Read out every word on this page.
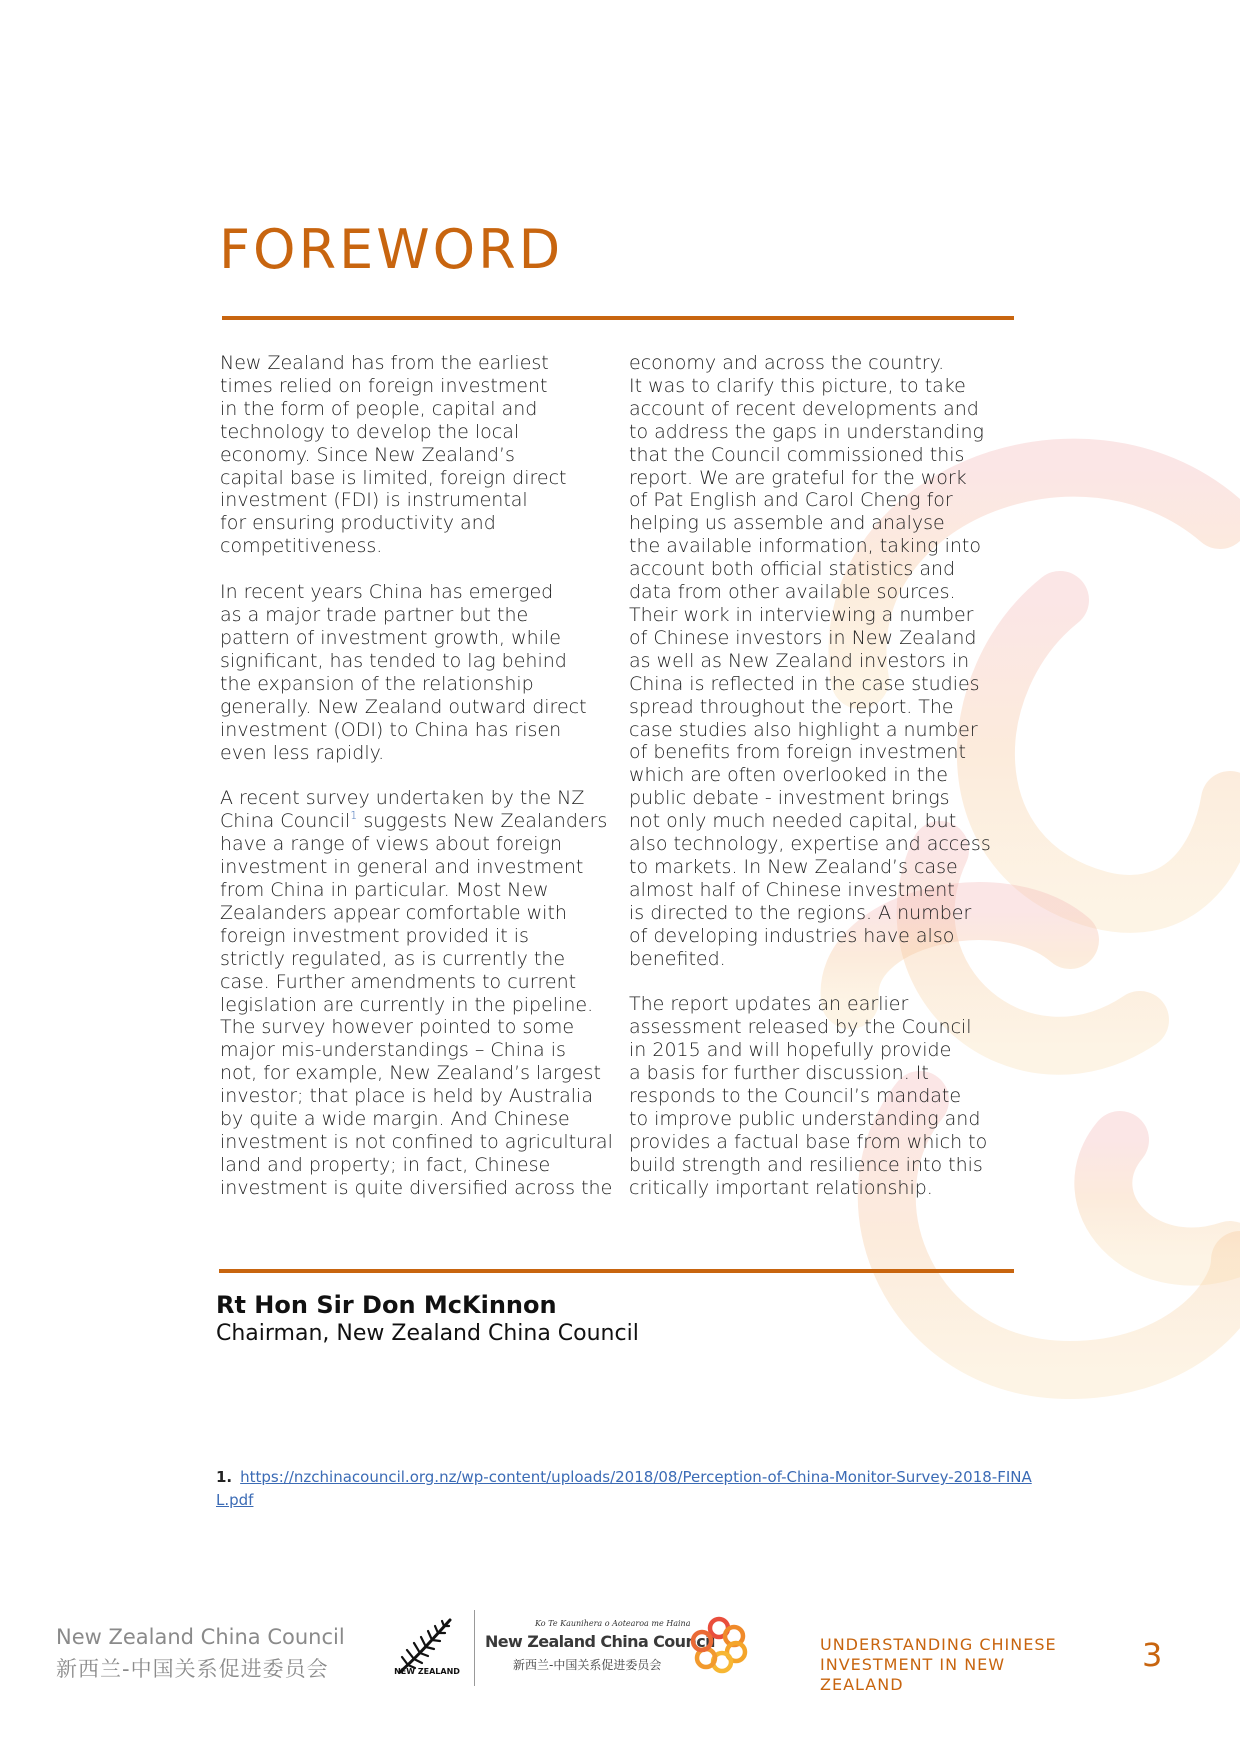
FOREWORD

New Zealand has from the earliest
times relied on foreign investment
in the form of people, capital and
technology to develop the local
economy. Since New Zealand’s
capital base is limited, foreign direct
investment (FDI) is instrumental
for ensuring productivity and
competitiveness.

In recent years China has emerged
as a major trade partner but the
pattern of investment growth, while
significant, has tended to lag behind
the expansion of the relationship
generally. New Zealand outward direct
investment (ODI) to China has risen
even less rapidly.

A recent survey undertaken by the NZ
China Council$^1$ suggests New Zealanders
have a range of views about foreign
investment in general and investment
from China in particular. Most New
Zealanders appear comfortable with
foreign investment provided it is
strictly regulated, as is currently the
case. Further amendments to current
legislation are currently in the pipeline.
The survey however pointed to some
major mis-understandings – China is
not, for example, New Zealand’s largest
investor; that place is held by Australia
by quite a wide margin. And Chinese
investment is not confined to agricultural
land and property; in fact, Chinese
investment is quite diversified across the

economy and across the country.
It was to clarify this picture, to take
account of recent developments and
to address the gaps in understanding
that the Council commissioned this
report. We are grateful for the work
of Pat English and Carol Cheng for
helping us assemble and analyse
the available information, taking into
account both official statistics and
data from other available sources.
Their work in interviewing a number
of Chinese investors in New Zealand
as well as New Zealand investors in
China is reflected in the case studies
spread throughout the report. The
case studies also highlight a number
of benefits from foreign investment
which are often overlooked in the
public debate - investment brings
not only much needed capital, but
also technology, expertise and access
to markets. In New Zealand’s case
almost half of Chinese investment
is directed to the regions. A number
of developing industries have also
benefited.

The report updates an earlier
assessment released by the Council
in 2015 and will hopefully provide
a basis for further discussion. It
responds to the Council’s mandate
to improve public understanding and
provides a factual base from which to
build strength and resilience into this
critically important relationship.

Rt Hon Sir Don McKinnon
Chairman, New Zealand China Council
1. https://nzchinacouncil.org.nz/wp-content/uploads/2018/08/Perception-of-China-Monitor-Survey-2018-FINAL.pdf
New Zealand China Council
新西兰-中国关系促进委员会	NEW ZEALAND
Ko Te Kaunihera o Aotearoa me Haina
New Zealand China Council
新西兰-中国关系促进委员会
UNDERSTANDING CHINESE
INVESTMENT IN NEW ZEALAND
3
